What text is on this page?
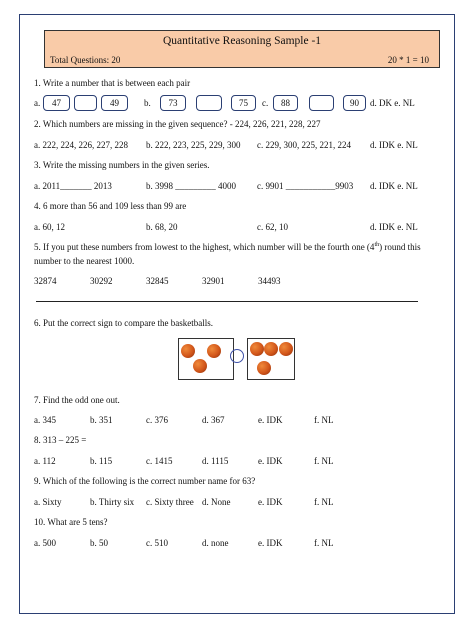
Quantitative Reasoning Sample -1
Total Questions: 20	20 * 1 = 10
1. Write a number that is between each pair
a.	47	49	b.	73	75	c.	88	90	d. DK e. NL
2. Which numbers are missing in the given sequence? - 224, 226, 221, 228, 227
a. 222, 224, 226, 227, 228 b. 222, 223, 225, 229, 300 c. 229, 300, 225, 221, 224 d. IDK e. NL
3. Write the missing numbers in the given series.
a. 2011_______ 2013	b. 3998 _________ 4000 c. 9901 ___________9903 d. IDK e. NL
4. 6 more than 56 and 109 less than 99 are
a. 60, 12	b. 68, 20	c. 62, 10	d. IDK e. NL
5. If you put these numbers from lowest to the highest, which number will be the fourth one (4th) round this
number to the nearest 1000.
32874	30292	32845	32901	34493
6. Put the correct sign to compare the basketballs.
7. Find the odd one out.
a. 345	b. 351	c. 376	d. 367	e. IDK	f. NL
8. 313 – 225 =
a. 112	b. 115	c. 1415	d. 1115	e. IDK	f. NL
9. Which of the following is the correct number name for 63?
a. Sixty	b. Thirty six c. Sixty three d. None	e. IDK	f. NL
10. What are 5 tens?
a. 500	b. 50	c. 510	d. none	e. IDK	f. NL
